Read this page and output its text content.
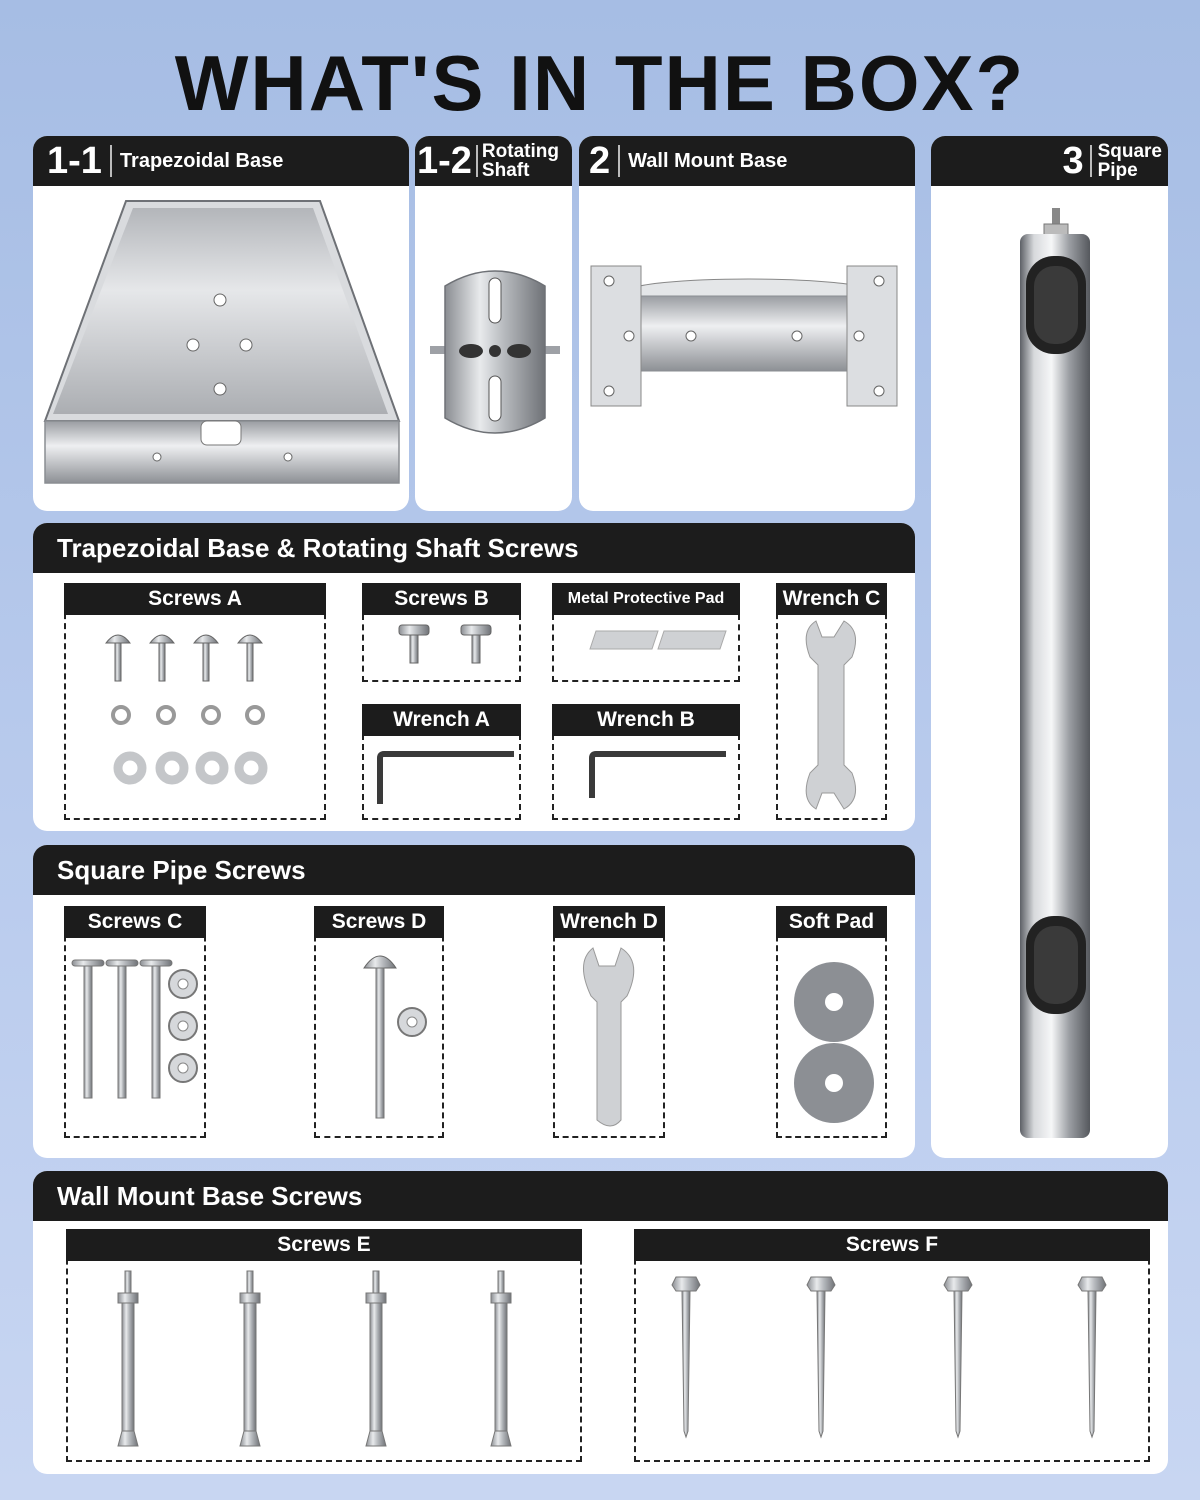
WHAT'S IN THE BOX?
1-1 Trapezoidal Base	1-2 Rotating
Shaft	2 Wall Mount Base	3 Square
Pipe
Trapezoidal Base & Rotating Shaft Screws
Screws A	Screws B	Metal Protective Pad	Wrench C
Wrench A	Wrench B
Square Pipe Screws
Screws C	Screws D	Wrench D	Soft Pad
Wall Mount Base Screws
Screws E	Screws F
